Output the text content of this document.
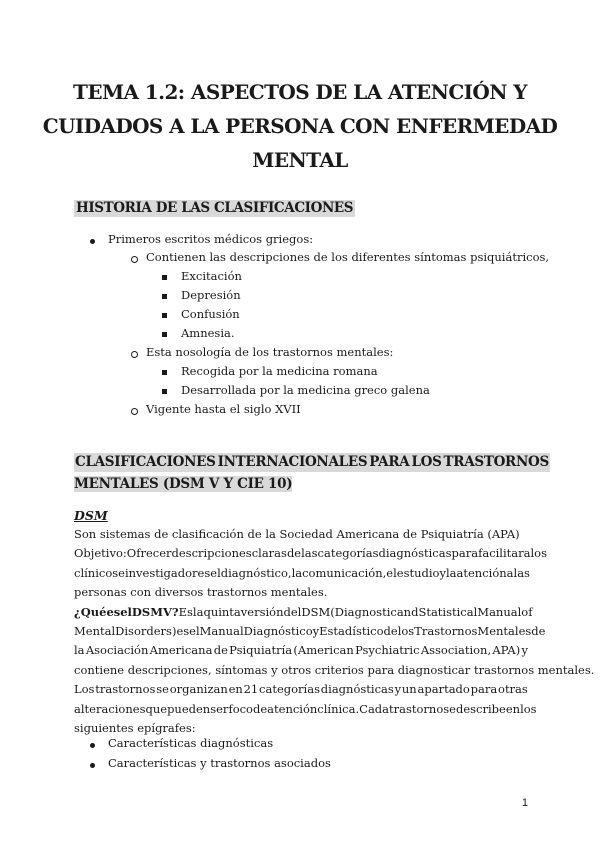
TEMA 1.2: ASPECTOS DE LA ATENCIÓN Y
CUIDADOS A LA PERSONA CON ENFERMEDAD
MENTAL
HISTORIA DE LAS CLASIFICACIONES
Primeros escritos médicos griegos:
Contienen las descripciones de los diferentes síntomas psiquiátricos,
Excitación
Depresión
Confusión
Amnesia.
Esta nosología de los trastornos mentales:
Recogida por la medicina romana
Desarrollada por la medicina greco galena
Vigente hasta el siglo XVII
CLASIFICACIONES INTERNACIONALES PARA LOS TRASTORNOS
MENTALES (DSM V Y CIE 10)
DSM
Son sistemas de clasificación de la Sociedad Americana de Psiquiatría (APA)
Objetivo: Ofrecer descripciones claras de las categorías diagnósticas para facilitar a los
clínicos e investigadores el diagnóstico, la comunicación, el estudio y la atención a las
personas con diversos trastornos mentales.
¿Qué es el DSM V? Es la quinta versión del DSM (Diagnostic and Statistical Manual of
Mental Disorders) es el Manual Diagnóstico y Estadístico de los Trastornos Mentales de
la Asociación Americana de Psiquiatría (American Psychiatric Association, APA) y
contiene descripciones, síntomas y otros criterios para diagnosticar trastornos mentales.
Los trastornos se organizan en 21 categorías diagnósticas y un apartado para otras
alteraciones que pueden ser foco de atención clínica. Cada trastorno se describe en los
siguientes epígrafes:
Características diagnósticas
Características y trastornos asociados
1
